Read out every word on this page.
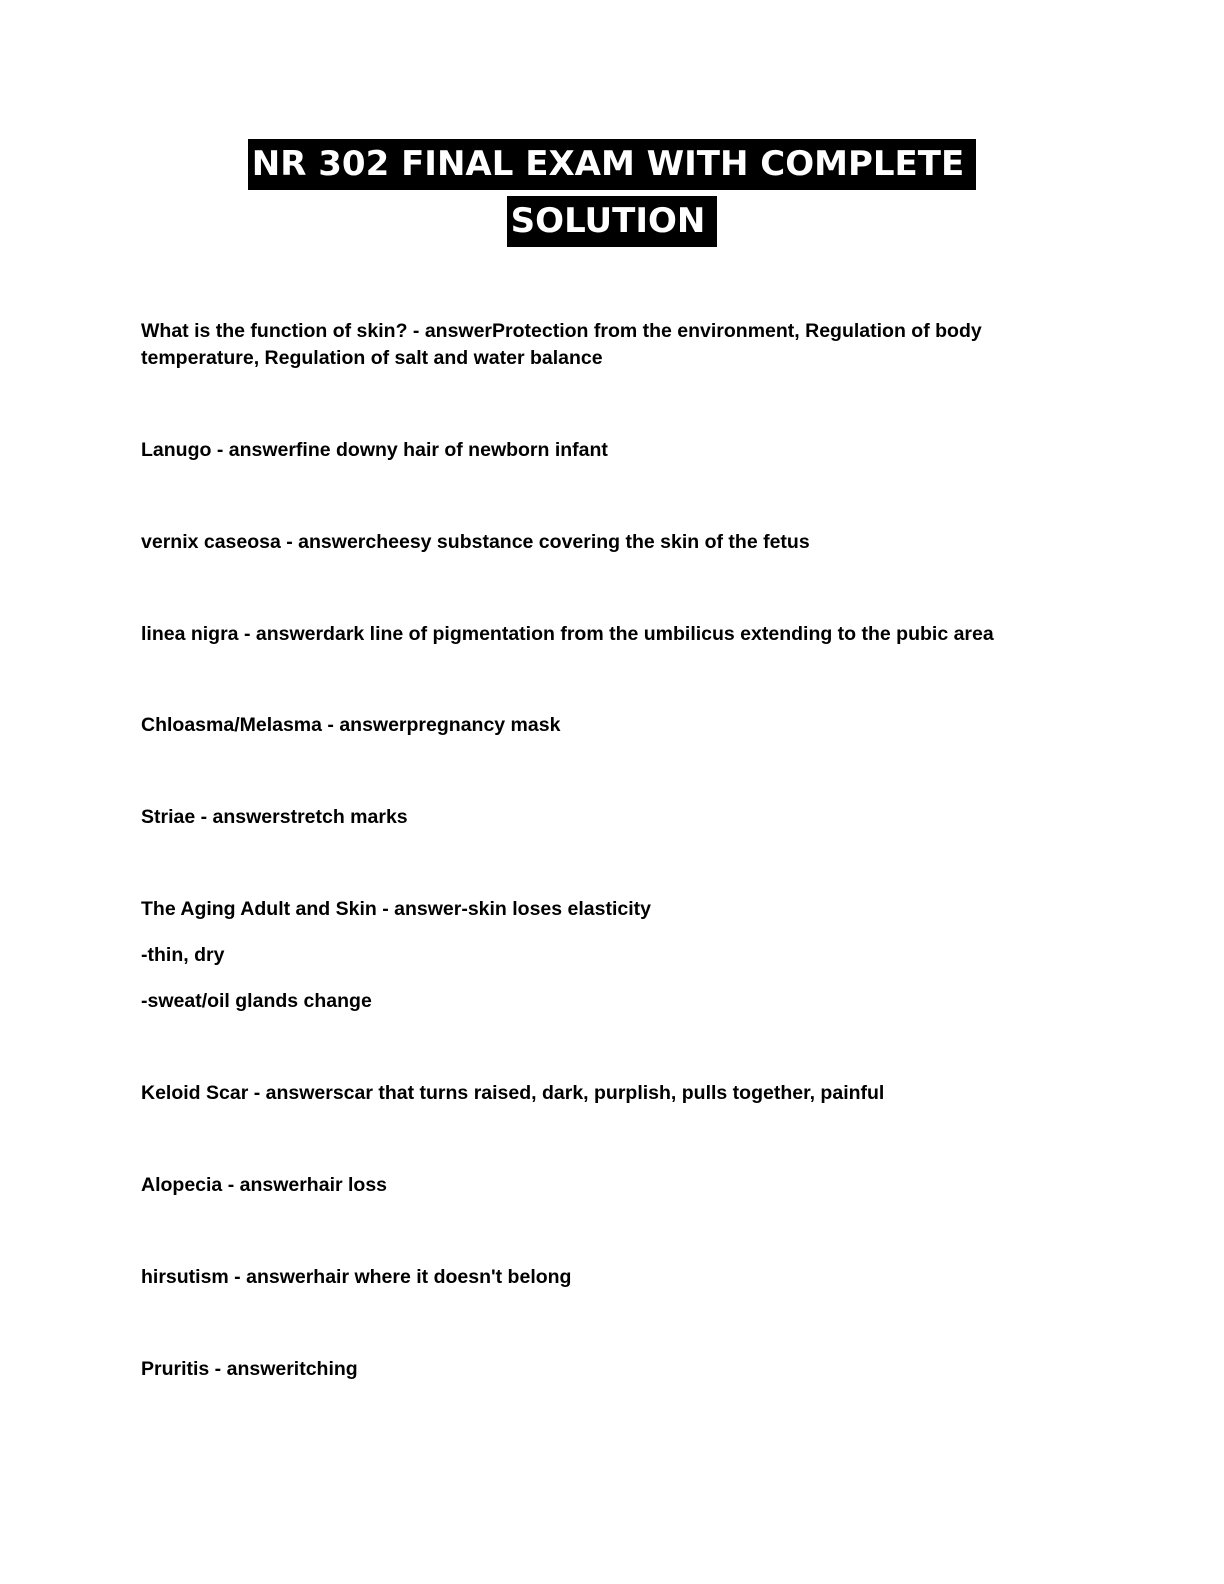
NR 302 FINAL EXAM WITH COMPLETE
SOLUTION

What is the function of skin? - answerProtection from the environment, Regulation of body temperature, Regulation of salt and water balance

Lanugo - answerfine downy hair of newborn infant

vernix caseosa - answercheesy substance covering the skin of the fetus

linea nigra - answerdark line of pigmentation from the umbilicus extending to the pubic area

Chloasma/Melasma - answerpregnancy mask

Striae - answerstretch marks

The Aging Adult and Skin - answer-skin loses elasticity

-thin, dry

-sweat/oil glands change

Keloid Scar - answerscar that turns raised, dark, purplish, pulls together, painful

Alopecia - answerhair loss

hirsutism - answerhair where it doesn't belong

Pruritis - answeritching
